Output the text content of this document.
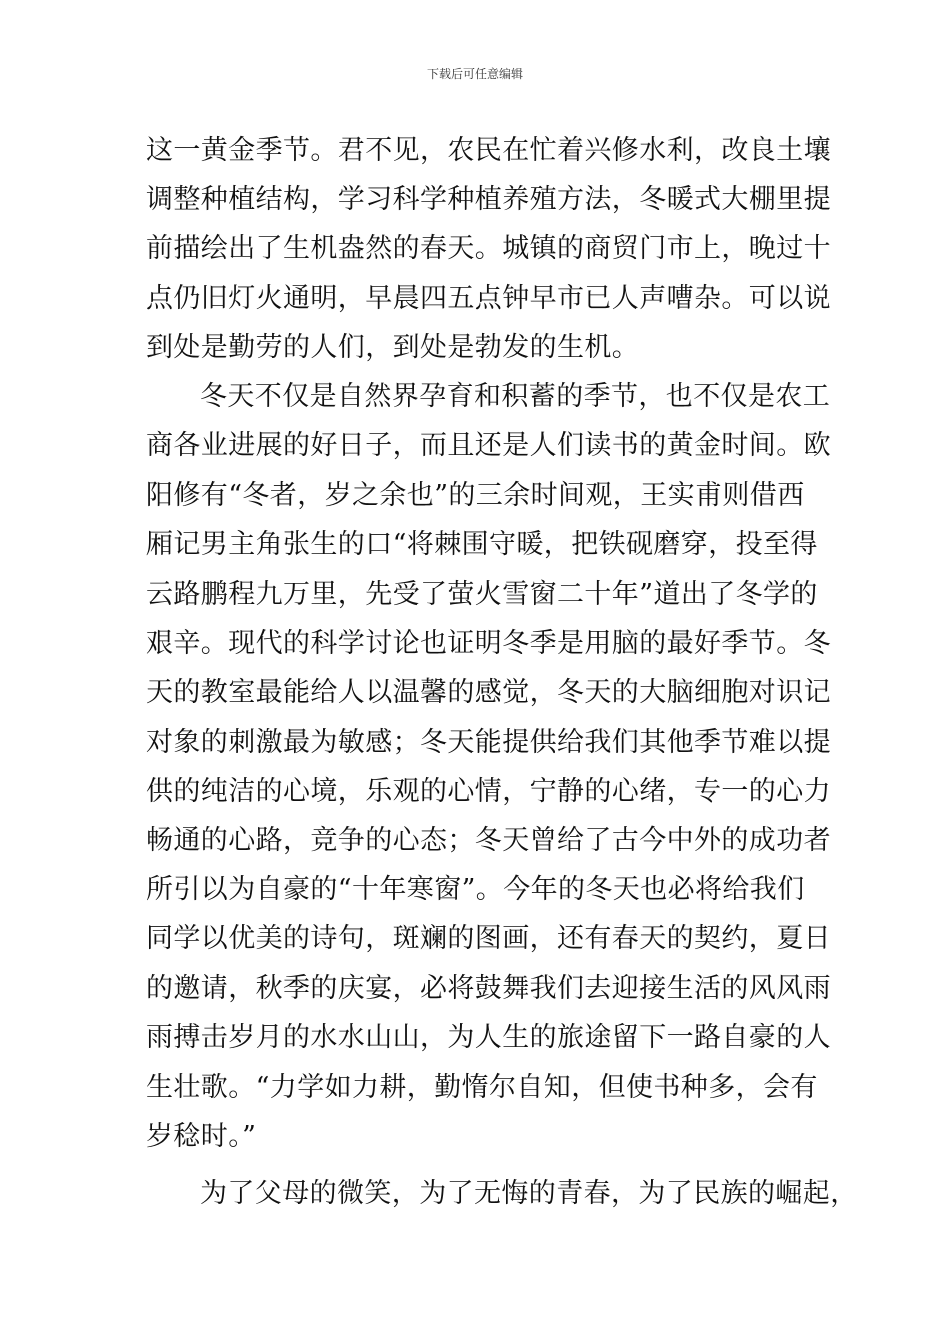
下载后可任意编辑
这一黄金季节。君不见，农民在忙着兴修水利，改良土壤
调整种植结构，学习科学种植养殖方法，冬暖式大棚里提
前描绘出了生机盎然的春天。城镇的商贸门市上，晚过十
点仍旧灯火通明，早晨四五点钟早市已人声嘈杂。可以说
到处是勤劳的人们，到处是勃发的生机。
冬天不仅是自然界孕育和积蓄的季节，也不仅是农工
商各业进展的好日子，而且还是人们读书的黄金时间。欧
阳修有“冬者，岁之余也”的三余时间观，王实甫则借西
厢记男主角张生的口“将棘围守暖，把铁砚磨穿，投至得
云路鹏程九万里，先受了萤火雪窗二十年”道出了冬学的
艰辛。现代的科学讨论也证明冬季是用脑的最好季节。冬
天的教室最能给人以温馨的感觉，冬天的大脑细胞对识记
对象的刺激最为敏感；冬天能提供给我们其他季节难以提
供的纯洁的心境，乐观的心情，宁静的心绪，专一的心力
畅通的心路，竞争的心态；冬天曾给了古今中外的成功者
所引以为自豪的“十年寒窗”。今年的冬天也必将给我们
同学以优美的诗句，斑斓的图画，还有春天的契约，夏日
的邀请，秋季的庆宴，必将鼓舞我们去迎接生活的风风雨
雨搏击岁月的水水山山，为人生的旅途留下一路自豪的人
生壮歌。“力学如力耕，勤惰尔自知，但使书种多，会有
岁稔时。”
为了父母的微笑，为了无悔的青春，为了民族的崛起，
